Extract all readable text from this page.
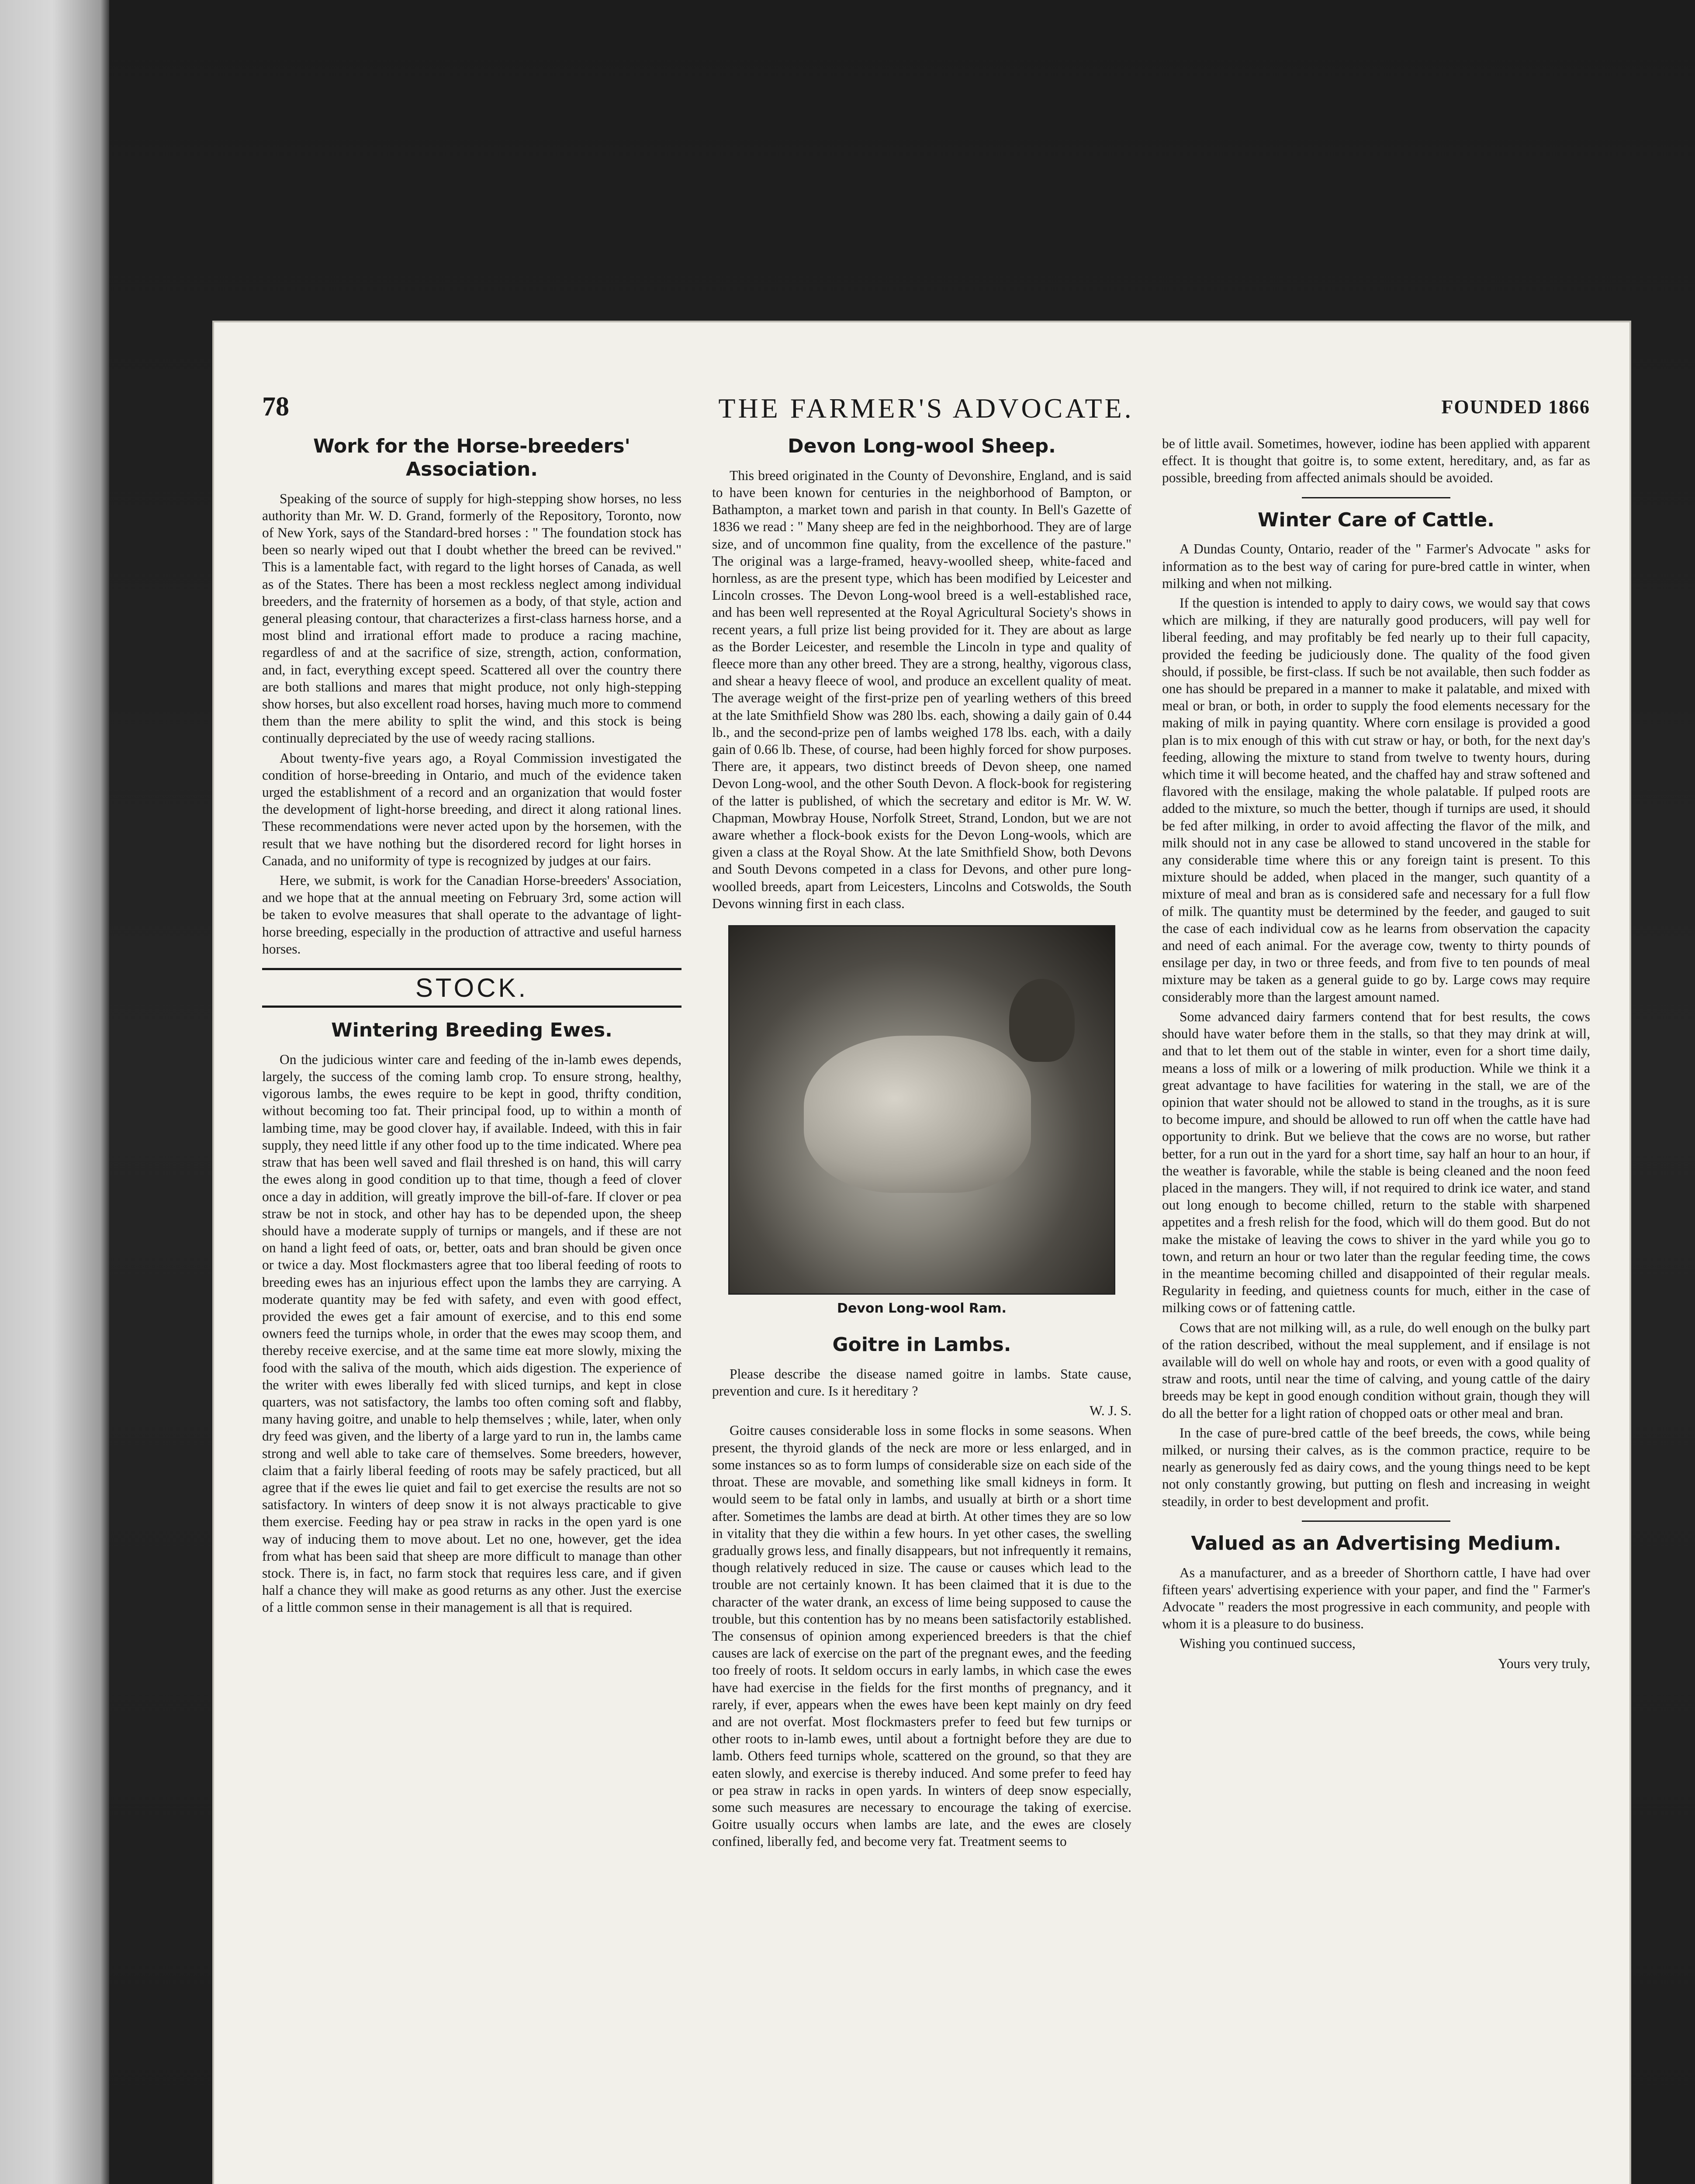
THE FARMER'S ADVOCATE.
78	FOUNDED 1866
Work for the Horse-breeders' Association.

Speaking of the source of supply for high-stepping show horses, no less authority than Mr. W. D. Grand, formerly of the Repository, Toronto, now of New York, says of the Standard-bred horses : " The foundation stock has been so nearly wiped out that I doubt whether the breed can be revived." This is a lamentable fact, with regard to the light horses of Canada, as well as of the States. There has been a most reckless neglect among individual breeders, and the fraternity of horsemen as a body, of that style, action and general pleasing contour, that characterizes a first-class harness horse, and a most blind and irrational effort made to produce a racing machine, regardless of and at the sacrifice of size, strength, action, conformation, and, in fact, everything except speed. Scattered all over the country there are both stallions and mares that might produce, not only high-stepping show horses, but also excellent road horses, having much more to commend them than the mere ability to split the wind, and this stock is being continually depreciated by the use of weedy racing stallions.

About twenty-five years ago, a Royal Commission investigated the condition of horse-breeding in Ontario, and much of the evidence taken urged the establishment of a record and an organization that would foster the development of light-horse breeding, and direct it along rational lines. These recommendations were never acted upon by the horsemen, with the result that we have nothing but the disordered record for light horses in Canada, and no uniformity of type is recognized by judges at our fairs.

Here, we submit, is work for the Canadian Horse-breeders' Association, and we hope that at the annual meeting on February 3rd, some action will be taken to evolve measures that shall operate to the advantage of light-horse breeding, especially in the production of attractive and useful harness horses.

STOCK.
Wintering Breeding Ewes.

On the judicious winter care and feeding of the in-lamb ewes depends, largely, the success of the coming lamb crop. To ensure strong, healthy, vigorous lambs, the ewes require to be kept in good, thrifty condition, without becoming too fat. Their principal food, up to within a month of lambing time, may be good clover hay, if available. Indeed, with this in fair supply, they need little if any other food up to the time indicated. Where pea straw that has been well saved and flail threshed is on hand, this will carry the ewes along in good condition up to that time, though a feed of clover once a day in addition, will greatly improve the bill-of-fare. If clover or pea straw be not in stock, and other hay has to be depended upon, the sheep should have a moderate supply of turnips or mangels, and if these are not on hand a light feed of oats, or, better, oats and bran should be given once or twice a day. Most flockmasters agree that too liberal feeding of roots to breeding ewes has an injurious effect upon the lambs they are carrying. A moderate quantity may be fed with safety, and even with good effect, provided the ewes get a fair amount of exercise, and to this end some owners feed the turnips whole, in order that the ewes may scoop them, and thereby receive exercise, and at the same time eat more slowly, mixing the food with the saliva of the mouth, which aids digestion. The experience of the writer with ewes liberally fed with sliced turnips, and kept in close quarters, was not satisfactory, the lambs too often coming soft and flabby, many having goitre, and unable to help themselves ; while, later, when only dry feed was given, and the liberty of a large yard to run in, the lambs came strong and well able to take care of themselves. Some breeders, however, claim that a fairly liberal feeding of roots may be safely practiced, but all agree that if the ewes lie quiet and fail to get exercise the results are not so satisfactory. In winters of deep snow it is not always practicable to give them exercise. Feeding hay or pea straw in racks in the open yard is one way of inducing them to move about. Let no one, however, get the idea from what has been said that sheep are more difficult to manage than other stock. There is, in fact, no farm stock that requires less care, and if given half a chance they will make as good returns as any other. Just the exercise of a little common sense in their management is all that is required.

Devon Long-wool Sheep.

This breed originated in the County of Devonshire, England, and is said to have been known for centuries in the neighborhood of Bampton, or Bathampton, a market town and parish in that county. In Bell's Gazette of 1836 we read : " Many sheep are fed in the neighborhood. They are of large size, and of uncommon fine quality, from the excellence of the pasture." The original was a large-framed, heavy-woolled sheep, white-faced and hornless, as are the present type, which has been modified by Leicester and Lincoln crosses. The Devon Long-wool breed is a well-established race, and has been well represented at the Royal Agricultural Society's shows in recent years, a full prize list being provided for it. They are about as large as the Border Leicester, and resemble the Lincoln in type and quality of fleece more than any other breed. They are a strong, healthy, vigorous class, and shear a heavy fleece of wool, and produce an excellent quality of meat. The average weight of the first-prize pen of yearling wethers of this breed at the late Smithfield Show was 280 lbs. each, showing a daily gain of 0.44 lb., and the second-prize pen of lambs weighed 178 lbs. each, with a daily gain of 0.66 lb. These, of course, had been highly forced for show purposes. There are, it appears, two distinct breeds of Devon sheep, one named Devon Long-wool, and the other South Devon. A flock-book for registering of the latter is published, of which the secretary and editor is Mr. W. W. Chapman, Mowbray House, Norfolk Street, Strand, London, but we are not aware whether a flock-book exists for the Devon Long-wools, which are given a class at the Royal Show. At the late Smithfield Show, both Devons and South Devons competed in a class for Devons, and other pure long-woolled breeds, apart from Leicesters, Lincolns and Cotswolds, the South Devons winning first in each class.

Devon Long-wool Ram.
Goitre in Lambs.

Please describe the disease named goitre in lambs. State cause, prevention and cure. Is it hereditary ?

W. J. S.

Goitre causes considerable loss in some flocks in some seasons. When present, the thyroid glands of the neck are more or less enlarged, and in some instances so as to form lumps of considerable size on each side of the throat. These are movable, and something like small kidneys in form. It would seem to be fatal only in lambs, and usually at birth or a short time after. Sometimes the lambs are dead at birth. At other times they are so low in vitality that they die within a few hours. In yet other cases, the swelling gradually grows less, and finally disappears, but not infrequently it remains, though relatively reduced in size. The cause or causes which lead to the trouble are not certainly known. It has been claimed that it is due to the character of the water drank, an excess of lime being supposed to cause the trouble, but this contention has by no means been satisfactorily established. The consensus of opinion among experienced breeders is that the chief causes are lack of exercise on the part of the pregnant ewes, and the feeding too freely of roots. It seldom occurs in early lambs, in which case the ewes have had exercise in the fields for the first months of pregnancy, and it rarely, if ever, appears when the ewes have been kept mainly on dry feed and are not overfat. Most flockmasters prefer to feed but few turnips or other roots to in-lamb ewes, until about a fortnight before they are due to lamb. Others feed turnips whole, scattered on the ground, so that they are eaten slowly, and exercise is thereby induced. And some prefer to feed hay or pea straw in racks in open yards. In winters of deep snow especially, some such measures are necessary to encourage the taking of exercise. Goitre usually occurs when lambs are late, and the ewes are closely confined, liberally fed, and become very fat. Treatment seems to

be of little avail. Sometimes, however, iodine has been applied with apparent effect. It is thought that goitre is, to some extent, hereditary, and, as far as possible, breeding from affected animals should be avoided.

Winter Care of Cattle.

A Dundas County, Ontario, reader of the " Farmer's Advocate " asks for information as to the best way of caring for pure-bred cattle in winter, when milking and when not milking.

If the question is intended to apply to dairy cows, we would say that cows which are milking, if they are naturally good producers, will pay well for liberal feeding, and may profitably be fed nearly up to their full capacity, provided the feeding be judiciously done. The quality of the food given should, if possible, be first-class. If such be not available, then such fodder as one has should be prepared in a manner to make it palatable, and mixed with meal or bran, or both, in order to supply the food elements necessary for the making of milk in paying quantity. Where corn ensilage is provided a good plan is to mix enough of this with cut straw or hay, or both, for the next day's feeding, allowing the mixture to stand from twelve to twenty hours, during which time it will become heated, and the chaffed hay and straw softened and flavored with the ensilage, making the whole palatable. If pulped roots are added to the mixture, so much the better, though if turnips are used, it should be fed after milking, in order to avoid affecting the flavor of the milk, and milk should not in any case be allowed to stand uncovered in the stable for any considerable time where this or any foreign taint is present. To this mixture should be added, when placed in the manger, such quantity of a mixture of meal and bran as is considered safe and necessary for a full flow of milk. The quantity must be determined by the feeder, and gauged to suit the case of each individual cow as he learns from observation the capacity and need of each animal. For the average cow, twenty to thirty pounds of ensilage per day, in two or three feeds, and from five to ten pounds of meal mixture may be taken as a general guide to go by. Large cows may require considerably more than the largest amount named.

Some advanced dairy farmers contend that for best results, the cows should have water before them in the stalls, so that they may drink at will, and that to let them out of the stable in winter, even for a short time daily, means a loss of milk or a lowering of milk production. While we think it a great advantage to have facilities for watering in the stall, we are of the opinion that water should not be allowed to stand in the troughs, as it is sure to become impure, and should be allowed to run off when the cattle have had opportunity to drink. But we believe that the cows are no worse, but rather better, for a run out in the yard for a short time, say half an hour to an hour, if the weather is favorable, while the stable is being cleaned and the noon feed placed in the mangers. They will, if not required to drink ice water, and stand out long enough to become chilled, return to the stable with sharpened appetites and a fresh relish for the food, which will do them good. But do not make the mistake of leaving the cows to shiver in the yard while you go to town, and return an hour or two later than the regular feeding time, the cows in the meantime becoming chilled and disappointed of their regular meals. Regularity in feeding, and quietness counts for much, either in the case of milking cows or of fattening cattle.

Cows that are not milking will, as a rule, do well enough on the bulky part of the ration described, without the meal supplement, and if ensilage is not available will do well on whole hay and roots, or even with a good quality of straw and roots, until near the time of calving, and young cattle of the dairy breeds may be kept in good enough condition without grain, though they will do all the better for a light ration of chopped oats or other meal and bran.

In the case of pure-bred cattle of the beef breeds, the cows, while being milked, or nursing their calves, as is the common practice, require to be nearly as generously fed as dairy cows, and the young things need to be kept not only constantly growing, but putting on flesh and increasing in weight steadily, in order to best development and profit.

Valued as an Advertising Medium.

As a manufacturer, and as a breeder of Shorthorn cattle, I have had over fifteen years' advertising experience with your paper, and find the " Farmer's Advocate " readers the most progressive in each community, and people with whom it is a pleasure to do business.

Wishing you continued success,

Yours very truly,
